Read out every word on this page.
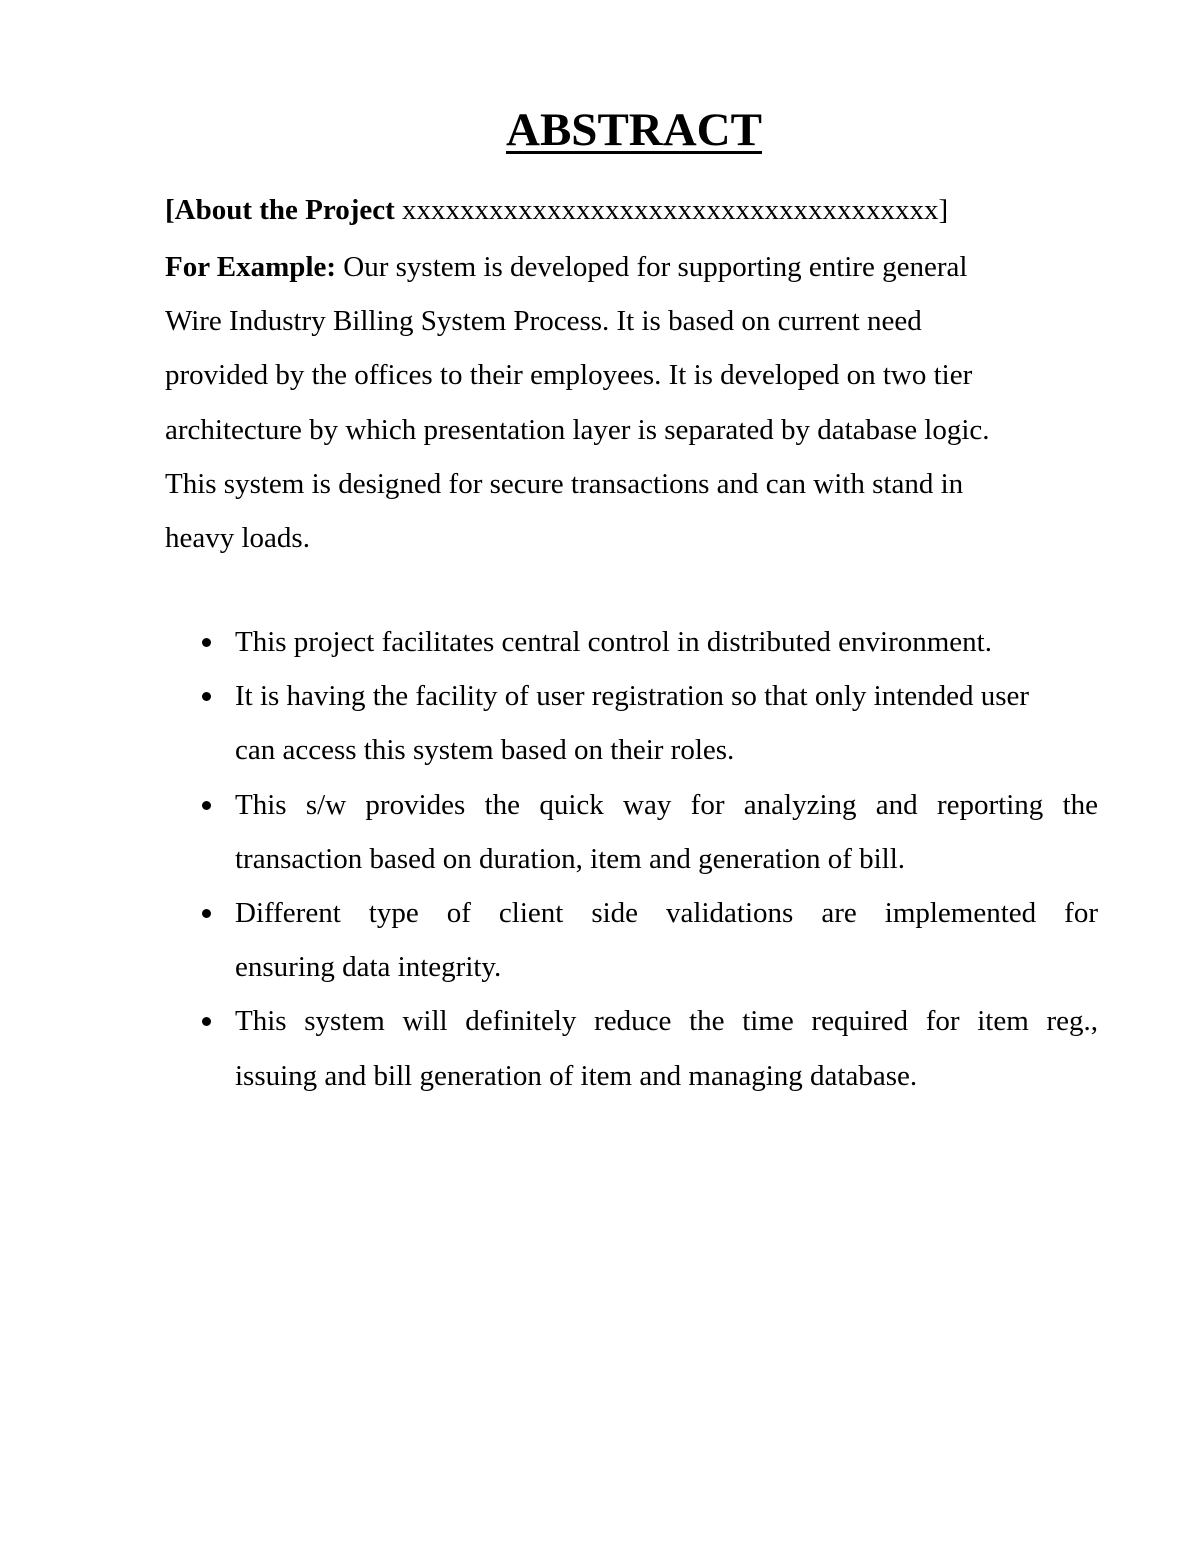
ABSTRACT

[About the Project xxxxxxxxxxxxxxxxxxxxxxxxxxxxxxxxxxxxx]

For Example: Our system is developed for supporting entire general
Wire Industry Billing System Process. It is based on current need
provided by the offices to their employees. It is developed on two tier
architecture by which presentation layer is separated by database logic.
This system is designed for secure transactions and can with stand in
heavy loads.

This project facilitates central control in distributed environment.
It is having the facility of user registration so that only intended user
can access this system based on their roles.
This s/w provides the quick way for analyzing and reporting the
transaction based on duration, item and generation of bill.
Different type of client side validations are implemented for
ensuring data integrity.
This system will definitely reduce the time required for item reg.,
issuing and bill generation of item and managing database.
